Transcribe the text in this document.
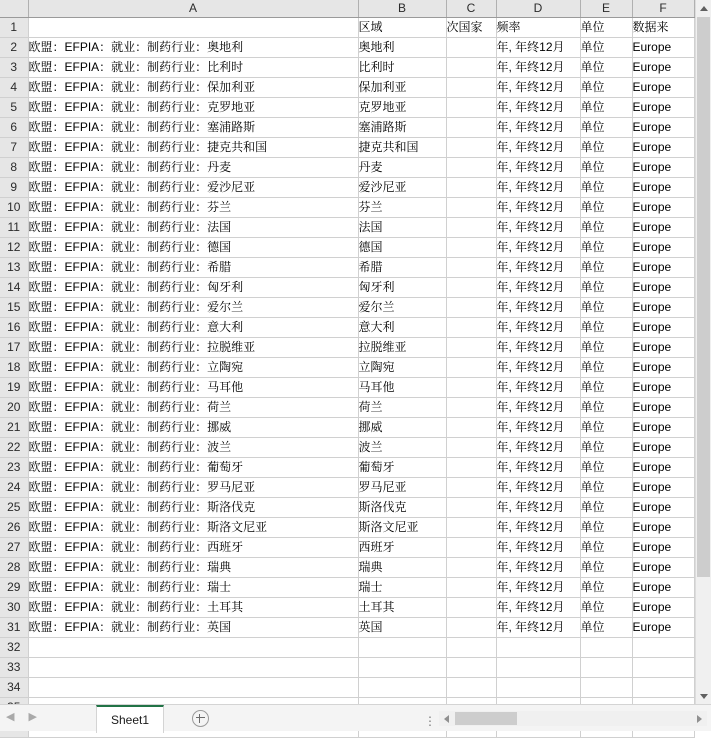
	A	B	C	D	E	F
1		区域	次国家	频率	单位	数据来
2	欧盟：EFPIA：就业：制药行业：奥地利	奥地利		年, 年终12月	单位	Europe
3	欧盟：EFPIA：就业：制药行业：比利时	比利时		年, 年终12月	单位	Europe
4	欧盟：EFPIA：就业：制药行业：保加利亚	保加利亚		年, 年终12月	单位	Europe
5	欧盟：EFPIA：就业：制药行业：克罗地亚	克罗地亚		年, 年终12月	单位	Europe
6	欧盟：EFPIA：就业：制药行业：塞浦路斯	塞浦路斯		年, 年终12月	单位	Europe
7	欧盟：EFPIA：就业：制药行业：捷克共和国	捷克共和国		年, 年终12月	单位	Europe
8	欧盟：EFPIA：就业：制药行业：丹麦	丹麦		年, 年终12月	单位	Europe
9	欧盟：EFPIA：就业：制药行业：爱沙尼亚	爱沙尼亚		年, 年终12月	单位	Europe
10	欧盟：EFPIA：就业：制药行业：芬兰	芬兰		年, 年终12月	单位	Europe
11	欧盟：EFPIA：就业：制药行业：法国	法国		年, 年终12月	单位	Europe
12	欧盟：EFPIA：就业：制药行业：德国	德国		年, 年终12月	单位	Europe
13	欧盟：EFPIA：就业：制药行业：希腊	希腊		年, 年终12月	单位	Europe
14	欧盟：EFPIA：就业：制药行业：匈牙利	匈牙利		年, 年终12月	单位	Europe
15	欧盟：EFPIA：就业：制药行业：爱尔兰	爱尔兰		年, 年终12月	单位	Europe
16	欧盟：EFPIA：就业：制药行业：意大利	意大利		年, 年终12月	单位	Europe
17	欧盟：EFPIA：就业：制药行业：拉脱维亚	拉脱维亚		年, 年终12月	单位	Europe
18	欧盟：EFPIA：就业：制药行业：立陶宛	立陶宛		年, 年终12月	单位	Europe
19	欧盟：EFPIA：就业：制药行业：马耳他	马耳他		年, 年终12月	单位	Europe
20	欧盟：EFPIA：就业：制药行业：荷兰	荷兰		年, 年终12月	单位	Europe
21	欧盟：EFPIA：就业：制药行业：挪威	挪威		年, 年终12月	单位	Europe
22	欧盟：EFPIA：就业：制药行业：波兰	波兰		年, 年终12月	单位	Europe
23	欧盟：EFPIA：就业：制药行业：葡萄牙	葡萄牙		年, 年终12月	单位	Europe
24	欧盟：EFPIA：就业：制药行业：罗马尼亚	罗马尼亚		年, 年终12月	单位	Europe
25	欧盟：EFPIA：就业：制药行业：斯洛伐克	斯洛伐克		年, 年终12月	单位	Europe
26	欧盟：EFPIA：就业：制药行业：斯洛文尼亚	斯洛文尼亚		年, 年终12月	单位	Europe
27	欧盟：EFPIA：就业：制药行业：西班牙	西班牙		年, 年终12月	单位	Europe
28	欧盟：EFPIA：就业：制药行业：瑞典	瑞典		年, 年终12月	单位	Europe
29	欧盟：EFPIA：就业：制药行业：瑞士	瑞士		年, 年终12月	单位	Europe
30	欧盟：EFPIA：就业：制药行业：土耳其	土耳其		年, 年终12月	单位	Europe
31	欧盟：EFPIA：就业：制药行业：英国	英国		年, 年终12月	单位	Europe
32						
33						
34						

◀ ▶	Sheet1	⋮
